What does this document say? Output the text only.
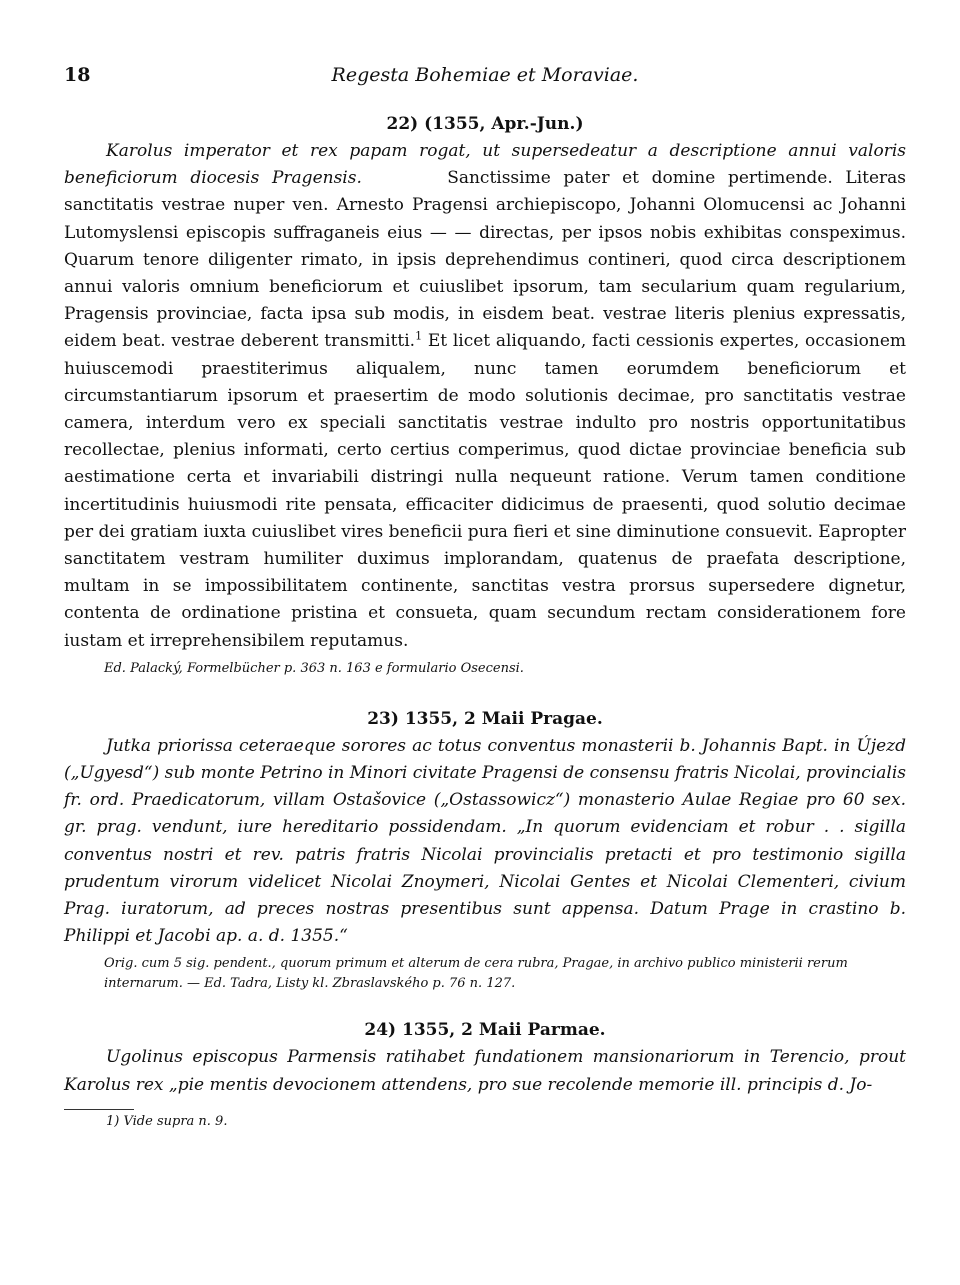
18	Regesta Bohemiae et Moraviae.

22) (1355, Apr.-Jun.)

Karolus imperator et rex papam rogat, ut supersedeatur a descriptione annui valoris beneficiorum diocesis Pragensis.	Sanctissime pater et domine pertimende. Literas sanctitatis vestrae nuper ven. Arnesto Pragensi archiepiscopo, Johanni Olomucensi ac Johanni Lutomyslensi episcopis suffraganeis eius — — directas, per ipsos nobis exhibitas conspeximus. Quarum tenore diligenter rimato, in ipsis deprehendimus contineri, quod circa descriptionem annui valoris omnium beneficiorum et cuiuslibet ipsorum, tam secularium quam regularium, Pragensis provinciae, facta ipsa sub modis, in eisdem beat. vestrae literis plenius expressatis, eidem beat. vestrae deberent transmitti.$^1$ Et licet aliquando, facti cessionis expertes, occasionem huiuscemodi praestiterimus aliqualem, nunc tamen eorumdem beneficiorum et circumstantiarum ipsorum et praesertim de modo solutionis decimae, pro sanctitatis vestrae camera, interdum vero ex speciali sanctitatis vestrae indulto pro nostris opportunitatibus recollectae, plenius informati, certo certius comperimus, quod dictae provinciae beneficia sub aestimatione certa et invariabili distringi nulla nequeunt ratione. Verum tamen conditione incertitudinis huiusmodi rite pensata, efficaciter didicimus de praesenti, quod solutio decimae per dei gratiam iuxta cuiuslibet vires beneficii pura fieri et sine diminutione consuevit. Eapropter sanctitatem vestram humiliter duximus implorandam, quatenus de praefata descriptione, multam in se impossibilitatem continente, sanctitas vestra prorsus supersedere dignetur, contenta de ordinatione pristina et consueta, quam secundum rectam considerationem fore iustam et irreprehensibilem reputamus.

Ed. Palacký, Formelbücher p. 363 n. 163 e formulario Osecensi.

23) 1355, 2 Maii Pragae.

Jutka priorissa ceteraeque sorores ac totus conventus monasterii b. Johannis Bapt. in Újezd („Ugyesd“) sub monte Petrino in Minori civitate Pragensi de consensu fratris Nicolai, provincialis fr. ord. Praedicatorum, villam Ostašovice („Ostassowicz“) monasterio Aulae Regiae pro 60 sex. gr. prag. vendunt, iure hereditario possidendam. „In quorum evidenciam et robur . . sigilla conventus nostri et rev. patris fratris Nicolai provincialis pretacti et pro testimonio sigilla prudentum virorum videlicet Nicolai Znoymeri, Nicolai Gentes et Nicolai Clementeri, civium Prag. iuratorum, ad preces nostras presentibus sunt appensa. Datum Prage in crastino b. Philippi et Jacobi ap. a. d. 1355.“

Orig. cum 5 sig. pendent., quorum primum et alterum de cera rubra, Pragae, in archivo publico ministerii rerum internarum. — Ed. Tadra, Listy kl. Zbraslavského p. 76 n. 127.

24) 1355, 2 Maii Parmae.

Ugolinus episcopus Parmensis ratihabet fundationem mansionariorum in Terencio, prout Karolus rex „pie mentis devocionem attendens, pro sue recolende memorie ill. principis d. Jo-

1) Vide supra n. 9.
